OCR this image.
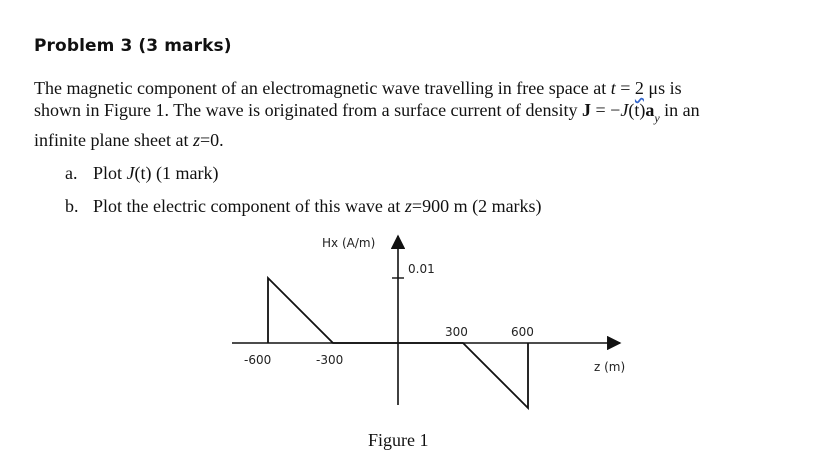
Problem 3 (3 marks)
The magnetic component of an electromagnetic wave travelling in free space at t = 2 μs is
shown in Figure 1. The wave is originated from a surface current of density $J = -J(t)a_y$ in an
infinite plane sheet at z=0.
a. Plot J(t) (1 mark)
b. Plot the electric component of this wave at z=900 m (2 marks)
Hx (A/m)
0.01
-600	-300
300	600
z (m)
Figure 1
